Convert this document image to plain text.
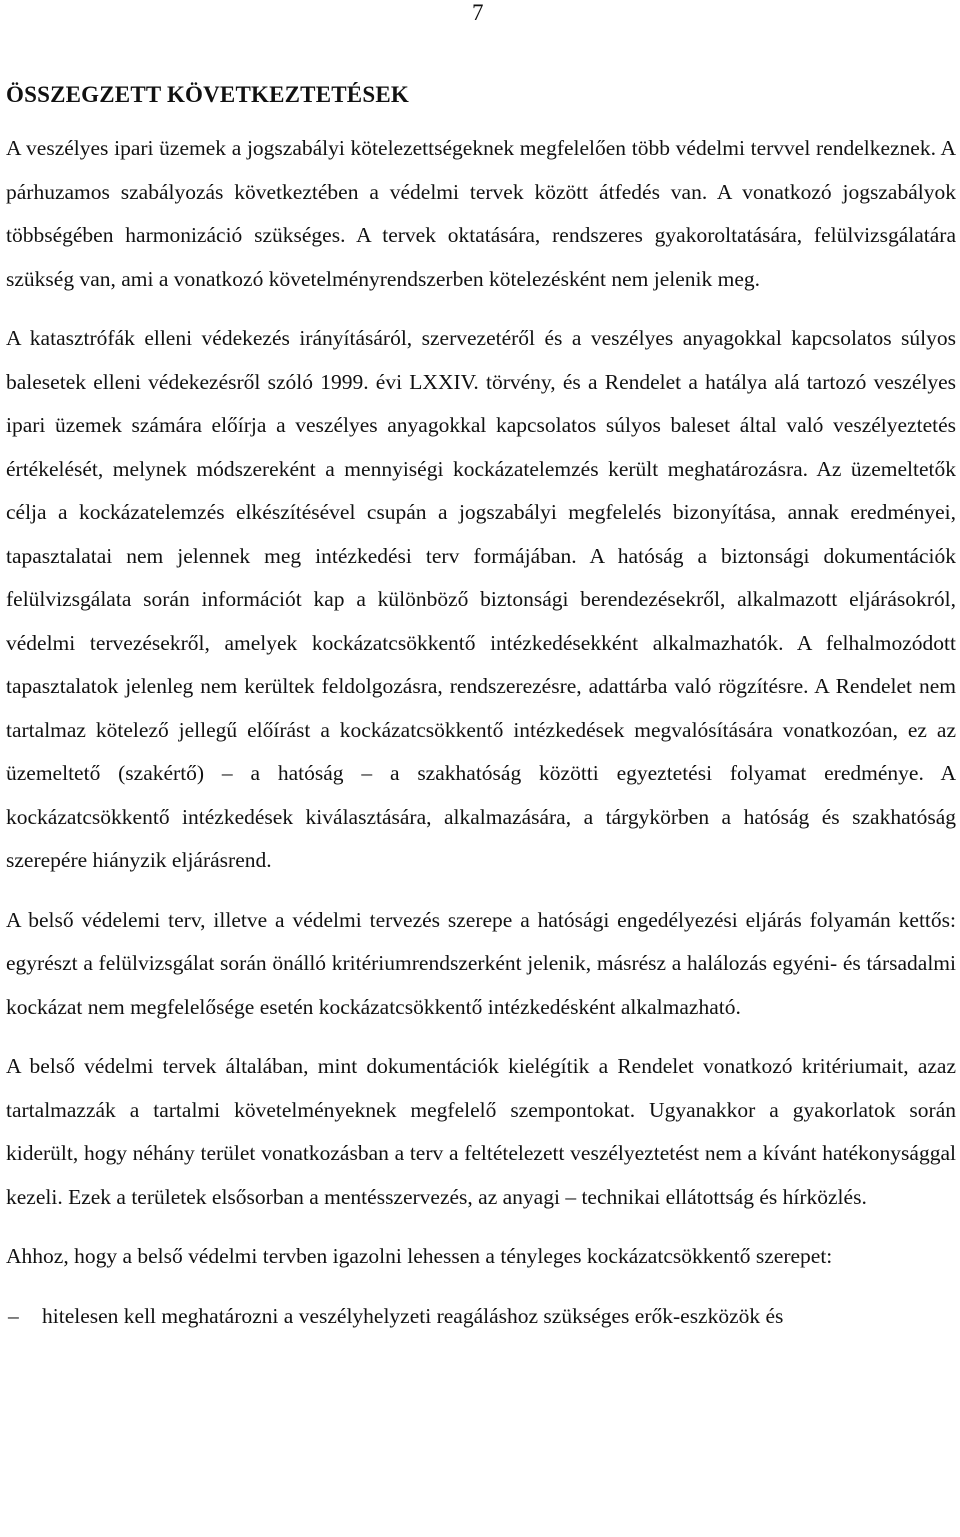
7
ÖSSZEGZETT KÖVETKEZTETÉSEK

A veszélyes ipari üzemek a jogszabályi kötelezettségeknek megfelelően több védelmi tervvel rendelkeznek. A párhuzamos szabályozás következtében a védelmi tervek között átfedés van. A vonatkozó jogszabályok többségében harmonizáció szükséges. A tervek oktatására, rendszeres gyakoroltatására, felülvizsgálatára szükség van, ami a vonatkozó követelményrendszerben kötelezésként nem jelenik meg.

A katasztrófák elleni védekezés irányításáról, szervezetéről és a veszélyes anyagokkal kapcsolatos súlyos balesetek elleni védekezésről szóló 1999. évi LXXIV. törvény, és a Rendelet a hatálya alá tartozó veszélyes ipari üzemek számára előírja a veszélyes anyagokkal kapcsolatos súlyos baleset által való veszélyeztetés értékelését, melynek módszereként a mennyiségi kockázatelemzés került meghatározásra. Az üzemeltetők célja a kockázatelemzés elkészítésével csupán a jogszabályi megfelelés bizonyítása, annak eredményei, tapasztalatai nem jelennek meg intézkedési terv formájában. A hatóság a biztonsági dokumentációk felülvizsgálata során információt kap a különböző biztonsági berendezésekről, alkalmazott eljárásokról, védelmi tervezésekről, amelyek kockázatcsökkentő intézkedésekként alkalmazhatók. A felhalmozódott tapasztalatok jelenleg nem kerültek feldolgozásra, rendszerezésre, adattárba való rögzítésre. A Rendelet nem tartalmaz kötelező jellegű előírást a kockázatcsökkentő intézkedések megvalósítására vonatkozóan, ez az üzemeltető (szakértő) – a hatóság – a szakhatóság közötti egyeztetési folyamat eredménye. A kockázatcsökkentő intézkedések kiválasztására, alkalmazására, a tárgykörben a hatóság és szakhatóság szerepére hiányzik eljárásrend.

A belső védelemi terv, illetve a védelmi tervezés szerepe a hatósági engedélyezési eljárás folyamán kettős: egyrészt a felülvizsgálat során önálló kritériumrendszerként jelenik, másrész a halálozás egyéni- és társadalmi kockázat nem megfelelősége esetén kockázatcsökkentő intézkedésként alkalmazható.

A belső védelmi tervek általában, mint dokumentációk kielégítik a Rendelet vonatkozó kritériumait, azaz tartalmazzák a tartalmi követelményeknek megfelelő szempontokat. Ugyanakkor a gyakorlatok során kiderült, hogy néhány terület vonatkozásban a terv a feltételezett veszélyeztetést nem a kívánt hatékonysággal kezeli. Ezek a területek elsősorban a mentésszervezés, az anyagi – technikai ellátottság és hírközlés.

Ahhoz, hogy a belső védelmi tervben igazolni lehessen a tényleges kockázatcsökkentő szerepet:

– hitelesen kell meghatározni a veszélyhelyzeti reagáláshoz szükséges erők-eszközök és
